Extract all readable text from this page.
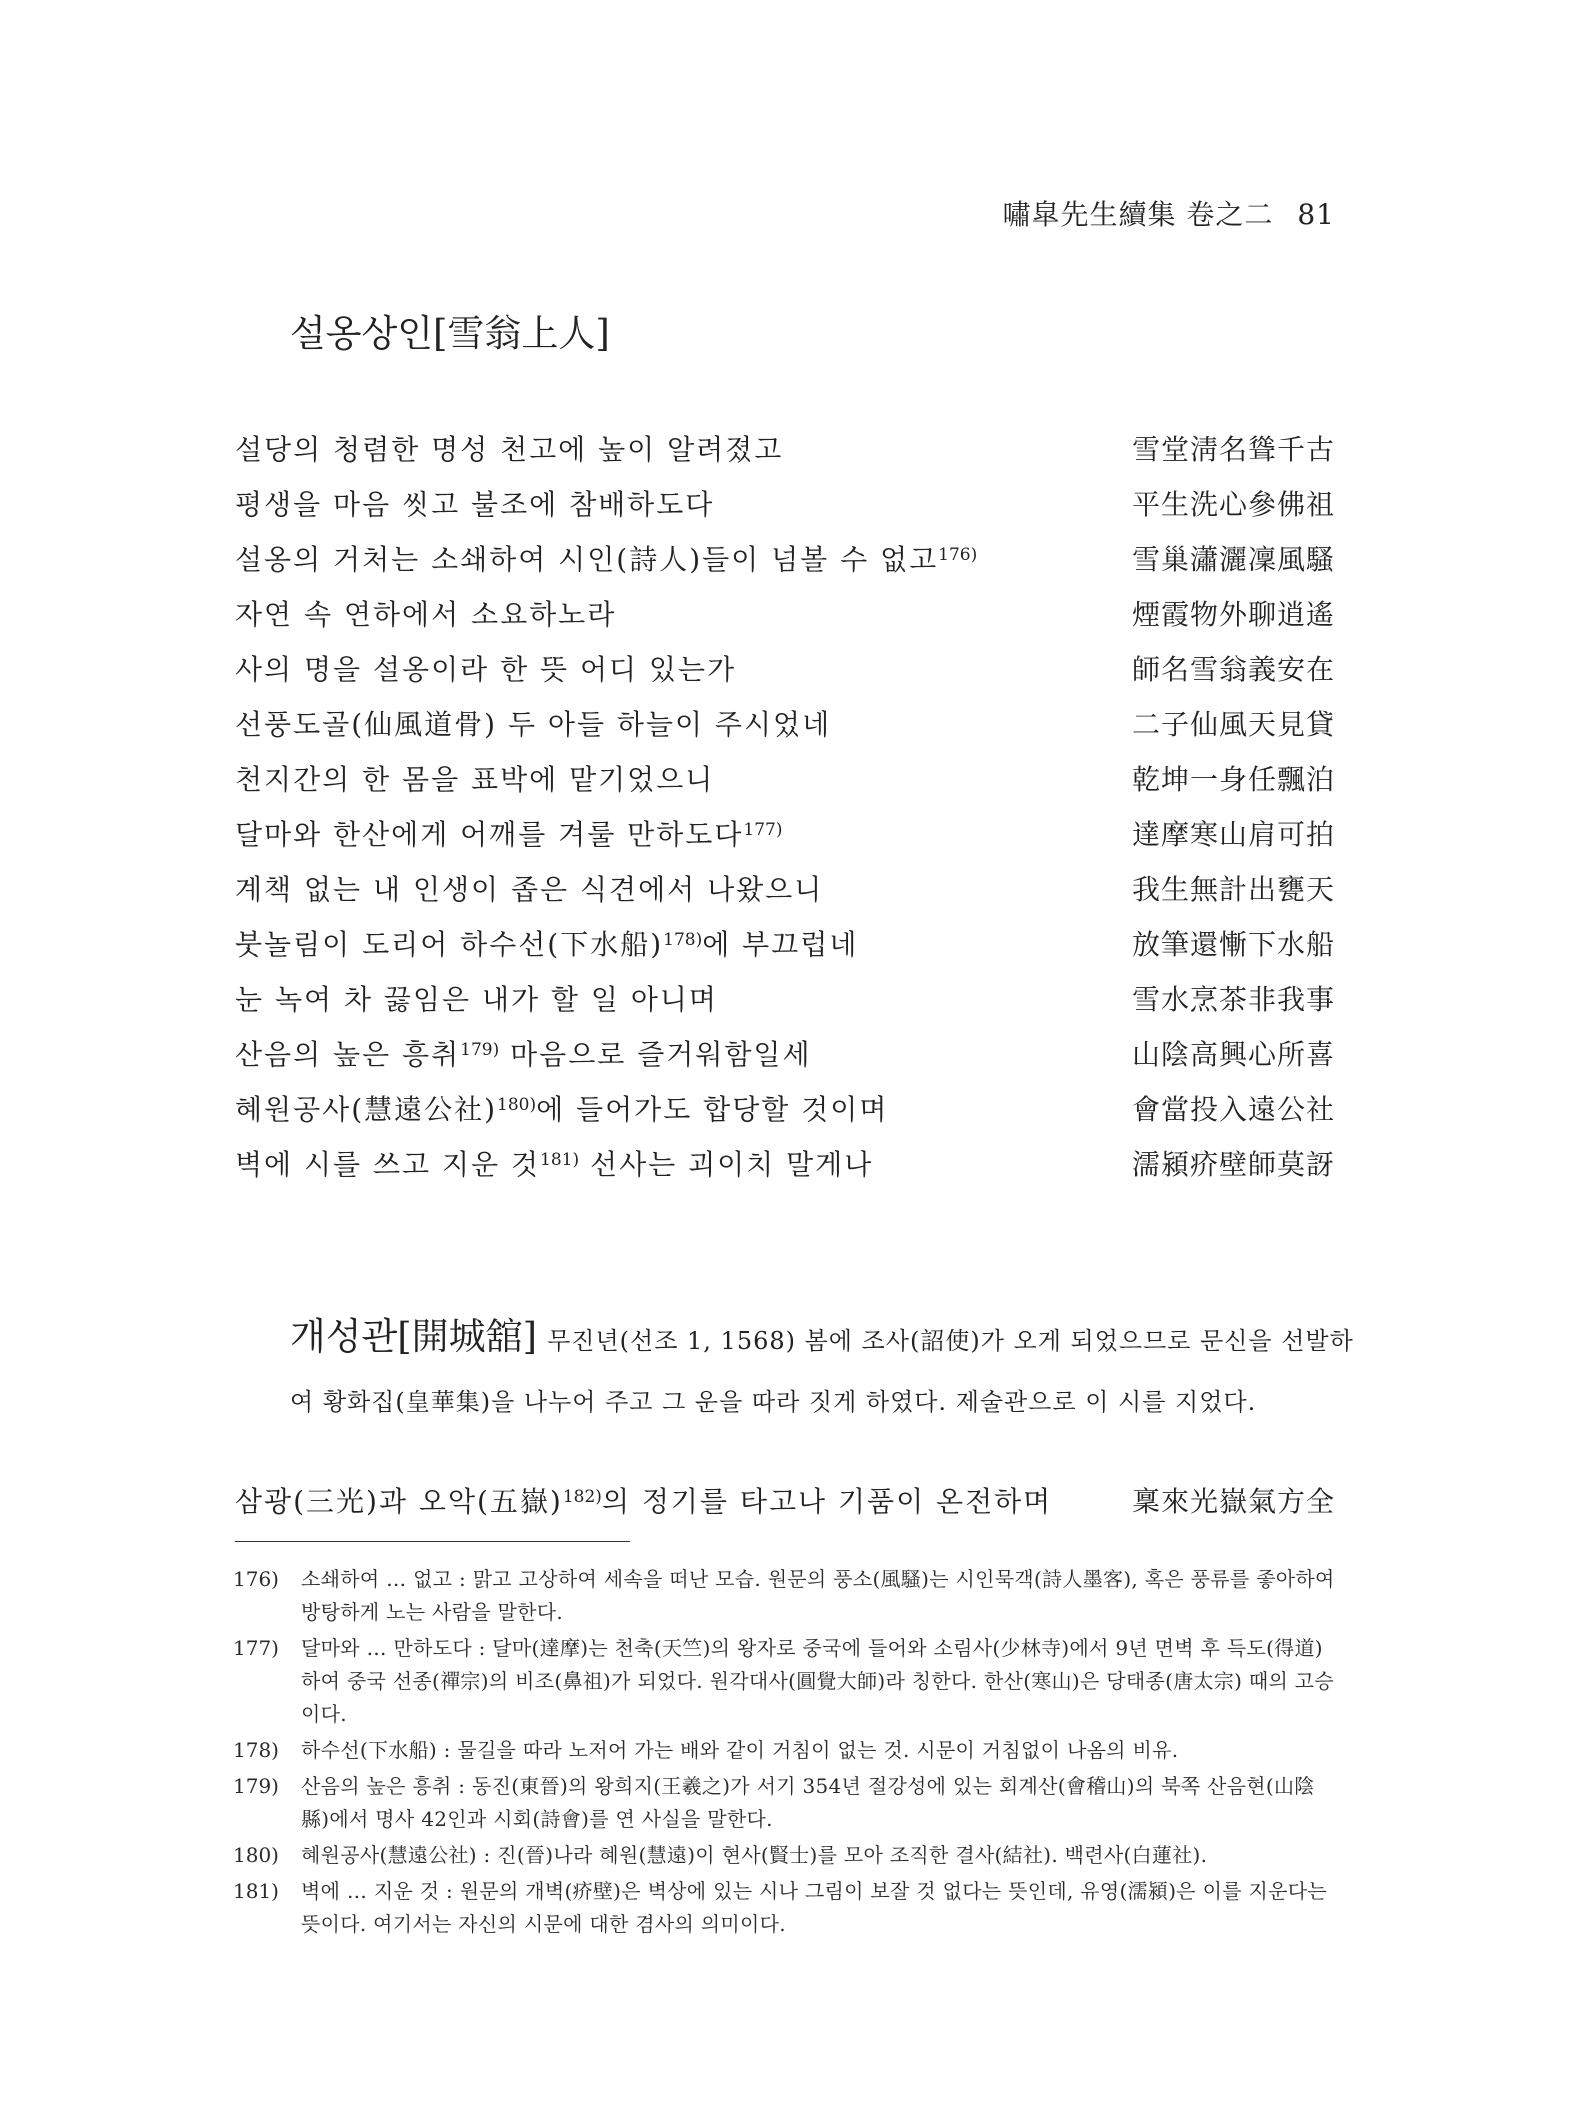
嘯皐先生續集 卷之二 81
설옹상인[雪翁上人]
설당의 청렴한 명성 천고에 높이 알려졌고	雪堂淸名聳千古
평생을 마음 씻고 불조에 참배하도다	平生洗心參佛祖
설옹의 거처는 소쇄하여 시인(詩人)들이 넘볼 수 없고$^{176)}$	雪巢瀟灑凜風騷
자연 속 연하에서 소요하노라	煙霞物外聊逍遙
사의 명을 설옹이라 한 뜻 어디 있는가	師名雪翁義安在
선풍도골(仙風道骨) 두 아들 하늘이 주시었네	二子仙風天見貸
천지간의 한 몸을 표박에 맡기었으니	乾坤一身任飄泊
달마와 한산에게 어깨를 겨룰 만하도다$^{177)}$	達摩寒山肩可拍
계책 없는 내 인생이 좁은 식견에서 나왔으니	我生無計出甕天
붓놀림이 도리어 하수선(下水船)$^{178)}$에 부끄럽네	放筆還慚下水船
눈 녹여 차 끓임은 내가 할 일 아니며	雪水烹茶非我事
산음의 높은 흥취$^{179)}$ 마음으로 즐거워함일세	山陰高興心所喜
혜원공사(慧遠公社)$^{180)}$에 들어가도 합당할 것이며	會當投入遠公社
벽에 시를 쓰고 지운 것$^{181)}$ 선사는 괴이치 말게나	濡潁疥壁師莫訝
개성관[開城舘] 무진년(선조 1, 1568) 봄에 조사(詔使)가 오게 되었으므로 문신을 선발하
여 황화집(皇華集)을 나누어 주고 그 운을 따라 짓게 하였다. 제술관으로 이 시를 지었다.
삼광(三光)과 오악(五嶽)$^{182)}$의 정기를 타고나 기품이 온전하며	稟來光嶽氣方全
176) 소쇄하여 … 없고 : 맑고 고상하여 세속을 떠난 모습. 원문의 풍소(風騷)는 시인묵객(詩人墨客), 혹은 풍류를 좋아하여 방탕하게 노는 사람을 말한다.
177) 달마와 … 만하도다 : 달마(達摩)는 천축(天竺)의 왕자로 중국에 들어와 소림사(少林寺)에서 9년 면벽 후 득도(得道)하여 중국 선종(禪宗)의 비조(鼻祖)가 되었다. 원각대사(圓覺大師)라 칭한다. 한산(寒山)은 당태종(唐太宗) 때의 고승이다.
178) 하수선(下水船) : 물길을 따라 노저어 가는 배와 같이 거침이 없는 것. 시문이 거침없이 나옴의 비유.
179) 산음의 높은 흥취 : 동진(東晉)의 왕희지(王羲之)가 서기 354년 절강성에 있는 회계산(會稽山)의 북쪽 산음현(山陰縣)에서 명사 42인과 시회(詩會)를 연 사실을 말한다.
180) 혜원공사(慧遠公社) : 진(晉)나라 혜원(慧遠)이 현사(賢士)를 모아 조직한 결사(結社). 백련사(白蓮社).
181) 벽에 … 지운 것 : 원문의 개벽(疥壁)은 벽상에 있는 시나 그림이 보잘 것 없다는 뜻인데, 유영(濡潁)은 이를 지운다는 뜻이다. 여기서는 자신의 시문에 대한 겸사의 의미이다.
